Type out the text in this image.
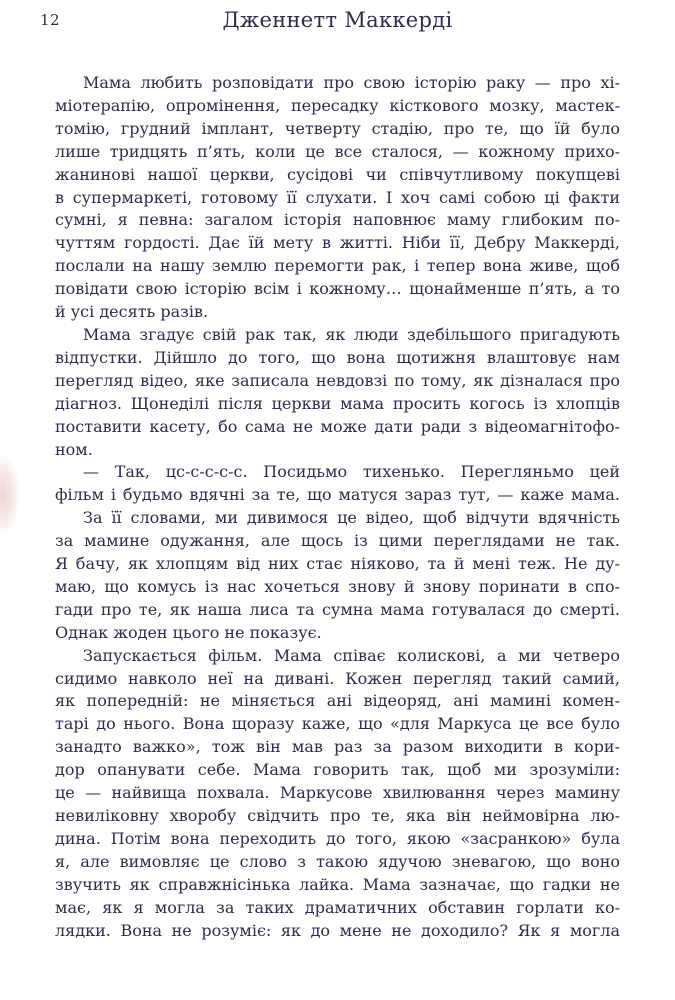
12	Дженнетт Маккерді
Мама любить розповідати про свою історію раку — про хі-
міотерапію, опромінення, пересадку кісткового мозку, мастек-
томію, грудний імплант, четверту стадію, про те, що їй було
лише тридцять п’ять, коли це все сталося, — кожному прихо-
жанинові нашої церкви, сусідові чи співчутливому покупцеві
в супермаркеті, готовому її слухати. І хоч самі собою ці факти
сумні, я певна: загалом історія наповнює маму глибоким по-
чуттям гордості. Дає їй мету в житті. Ніби її, Дебру Маккерді,
послали на нашу землю перемогти рак, і тепер вона живе, щоб
повідати свою історію всім і кожному… щонайменше п’ять, а то
й усі десять разів.
Мама згадує свій рак так, як люди здебільшого пригадують
відпустки. Дійшло до того, що вона щотижня влаштовує нам
перегляд відео, яке записала невдовзі по тому, як дізналася про
діагноз. Щонеділі після церкви мама просить когось із хлопців
поставити касету, бо сама не може дати ради з відеомагнітофо-
ном.
— Так, цс-с-с-с-с. Посидьмо тихенько. Перегляньмо цей
фільм і будьмо вдячні за те, що матуся зараз тут, — каже мама.
За її словами, ми дивимося це відео, щоб відчути вдячність
за мамине одужання, але щось із цими переглядами не так.
Я бачу, як хлопцям від них стає ніяково, та й мені теж. Не ду-
маю, що комусь із нас хочеться знову й знову поринати в спо-
гади про те, як наша лиса та сумна мама готувалася до смерті.
Однак жоден цього не показує.
Запускається фільм. Мама співає колискові, а ми четверо
сидимо навколо неї на дивані. Кожен перегляд такий самий,
як попередній: не міняється ані відеоряд, ані мамині комен-
тарі до нього. Вона щоразу каже, що «для Маркуса це все було
занадто важко», тож він мав раз за разом виходити в кори-
дор опанувати себе. Мама говорить так, щоб ми зрозуміли:
це — найвища похвала. Маркусове хвилювання через мамину
невиліковну хворобу свідчить про те, яка він неймовірна лю-
дина. Потім вона переходить до того, якою «засранкою» була
я, але вимовляє це слово з такою ядучою зневагою, що воно
звучить як справжнісінька лайка. Мама зазначає, що гадки не
має, як я могла за таких драматичних обставин горлати ко-
лядки. Вона не розуміє: як до мене не доходило? Як я могла
